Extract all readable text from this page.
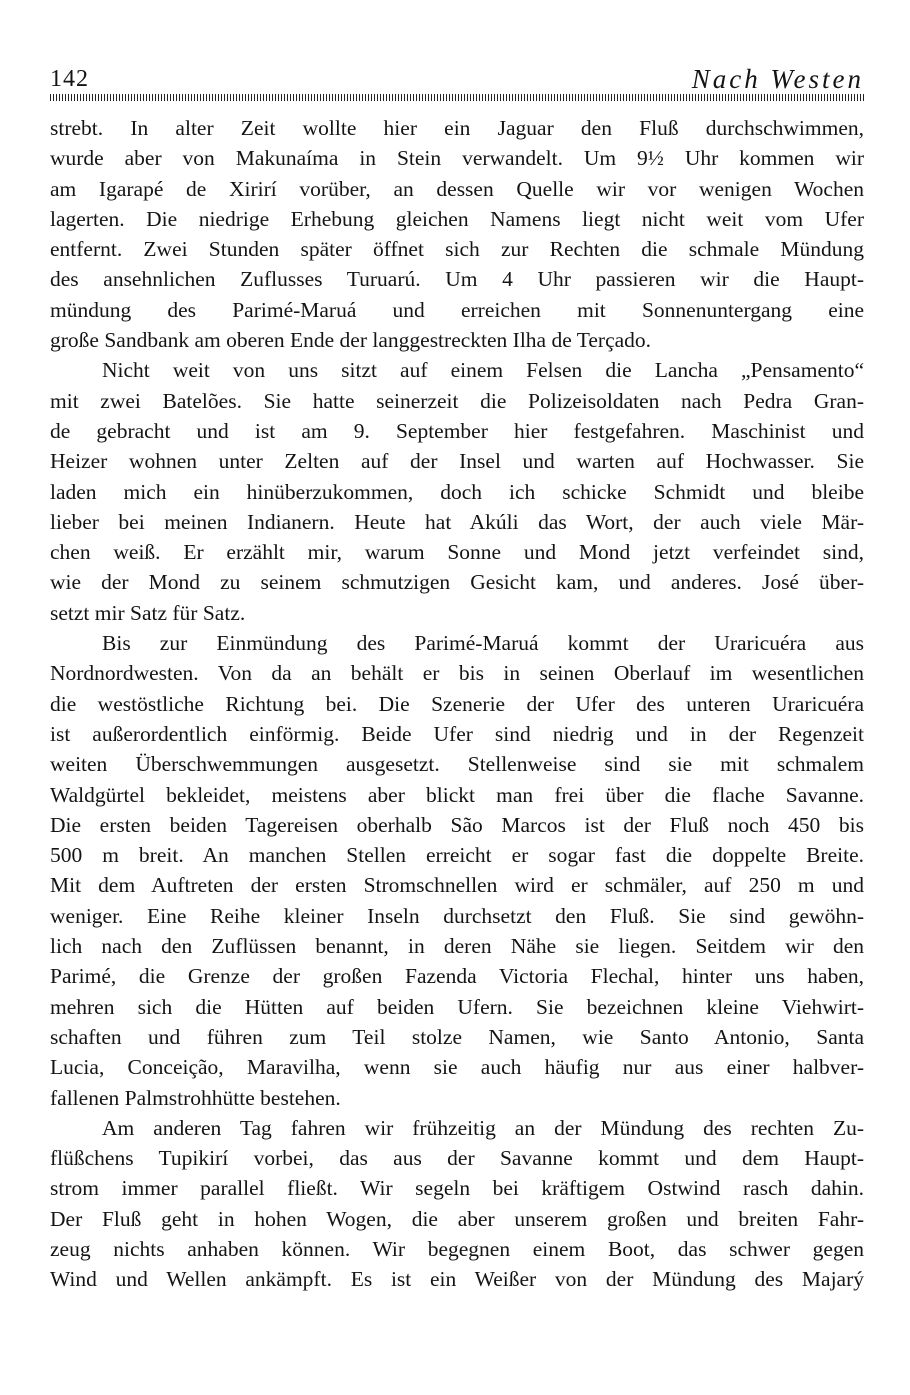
142	Nach Westen
strebt. In alter Zeit wollte hier ein Jaguar den Fluß durchschwimmen,
wurde aber von Makunaíma in Stein verwandelt. Um 9½ Uhr kommen wir
am Igarapé de Xirirí vorüber, an dessen Quelle wir vor wenigen Wochen
lagerten. Die niedrige Erhebung gleichen Namens liegt nicht weit vom Ufer
entfernt. Zwei Stunden später öffnet sich zur Rechten die schmale Mündung
des ansehnlichen Zuflusses Turuarú. Um 4 Uhr passieren wir die Haupt-
mündung des Parimé-Maruá und erreichen mit Sonnenuntergang eine
große Sandbank am oberen Ende der langgestreckten Ilha de Terçado.
Nicht weit von uns sitzt auf einem Felsen die Lancha „Pensamento“
mit zwei Batelões. Sie hatte seinerzeit die Polizeisoldaten nach Pedra Gran-
de gebracht und ist am 9. September hier festgefahren. Maschinist und
Heizer wohnen unter Zelten auf der Insel und warten auf Hochwasser. Sie
laden mich ein hinüberzukommen, doch ich schicke Schmidt und bleibe
lieber bei meinen Indianern. Heute hat Akúli das Wort, der auch viele Mär-
chen weiß. Er erzählt mir, warum Sonne und Mond jetzt verfeindet sind,
wie der Mond zu seinem schmutzigen Gesicht kam, und anderes. José über-
setzt mir Satz für Satz.
Bis zur Einmündung des Parimé-Maruá kommt der Uraricuéra aus
Nordnordwesten. Von da an behält er bis in seinen Oberlauf im wesentlichen
die westöstliche Richtung bei. Die Szenerie der Ufer des unteren Uraricuéra
ist außerordentlich einförmig. Beide Ufer sind niedrig und in der Regenzeit
weiten Überschwemmungen ausgesetzt. Stellenweise sind sie mit schmalem
Waldgürtel bekleidet, meistens aber blickt man frei über die flache Savanne.
Die ersten beiden Tagereisen oberhalb São Marcos ist der Fluß noch 450 bis
500 m breit. An manchen Stellen erreicht er sogar fast die doppelte Breite.
Mit dem Auftreten der ersten Stromschnellen wird er schmäler, auf 250 m und
weniger. Eine Reihe kleiner Inseln durchsetzt den Fluß. Sie sind gewöhn-
lich nach den Zuflüssen benannt, in deren Nähe sie liegen. Seitdem wir den
Parimé, die Grenze der großen Fazenda Victoria Flechal, hinter uns haben,
mehren sich die Hütten auf beiden Ufern. Sie bezeichnen kleine Viehwirt-
schaften und führen zum Teil stolze Namen, wie Santo Antonio, Santa
Lucia, Conceição, Maravilha, wenn sie auch häufig nur aus einer halbver-
fallenen Palmstrohhütte bestehen.
Am anderen Tag fahren wir frühzeitig an der Mündung des rechten Zu-
flüßchens Tupikirí vorbei, das aus der Savanne kommt und dem Haupt-
strom immer parallel fließt. Wir segeln bei kräftigem Ostwind rasch dahin.
Der Fluß geht in hohen Wogen, die aber unserem großen und breiten Fahr-
zeug nichts anhaben können. Wir begegnen einem Boot, das schwer gegen
Wind und Wellen ankämpft. Es ist ein Weißer von der Mündung des Majarý
